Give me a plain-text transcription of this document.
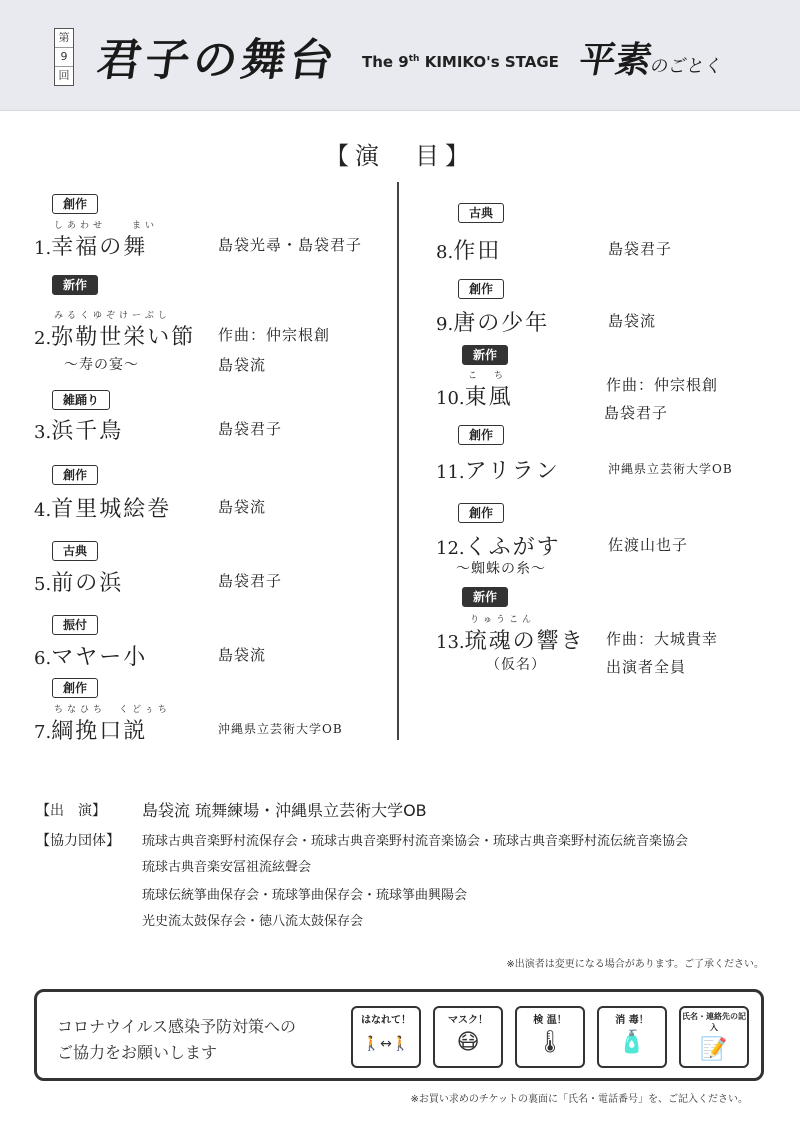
第
9
回 君子の舞台 The 9th KIMIKO's STAGE 平素のごとく
【演　目】
創作
しあわせ　　まい
1.幸福の舞	島袋光尋・島袋君子
新作
みるくゆぞけーぶし
2.弥勒世栄い節 作曲：仲宗根創
～寿の宴～	島袋流
雑踊り
3.浜千鳥	島袋君子
創作
4.首里城絵巻	島袋流
古典
5.前の浜	島袋君子
振付
6.マヤー小	島袋流
創作
ちなひち　くどぅち
7.綱挽口説	沖縄県立芸術大学OB
古典
8.作田	島袋君子
創作
9.唐の少年	島袋流
新作
こ　ち
10.東風	作曲：仲宗根創
島袋君子
創作
11.アリラン	沖縄県立芸術大学OB
創作
12.くふがす	佐渡山也子
～蜘蛛の糸～
新作
りゅうこん
13.琉魂の響き 作曲：大城貴幸
（仮名）	出演者全員
【出　演】 島袋流 琉舞練場・沖縄県立芸術大学OB
【協力団体】 琉球古典音楽野村流保存会・琉球古典音楽野村流音楽協会・琉球古典音楽野村流伝統音楽協会
琉球古典音楽安冨祖流絃聲会
琉球伝統箏曲保存会・琉球箏曲保存会・琉球箏曲興陽会
光史流太鼓保存会・徳八流太鼓保存会
※出演者は変更になる場合があります。ご了承ください。
コロナウイルス感染予防対策への
ご協力をお願いします
はなれて！
🚶↔🚶
マスク！
😷
検 温！
🌡
消 毒！
🧴
氏名・連絡先の記入
📝
※お買い求めのチケットの裏面に「氏名・電話番号」を、ご記入ください。
